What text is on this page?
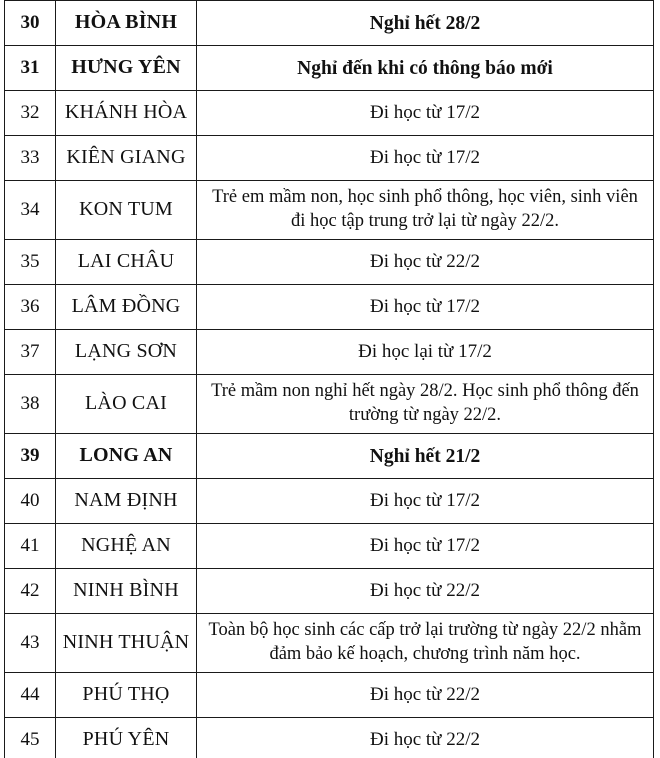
30	HÒA BÌNH	Nghỉ hết 28/2

31	HƯNG YÊN	Nghỉ đến khi có thông báo mới

32	KHÁNH HÒA	Đi học từ 17/2

33	KIÊN GIANG	Đi học từ 17/2

34	KON TUM	Trẻ em mầm non, học sinh phổ thông, học viên, sinh viên
đi học tập trung trở lại từ ngày 22/2.

35	LAI CHÂU	Đi học từ 22/2

36	LÂM ĐỒNG	Đi học từ 17/2

37	LẠNG SƠN	Đi học lại từ 17/2

38	LÀO CAI	Trẻ mầm non nghỉ hết ngày 28/2. Học sinh phổ thông đến
trường từ ngày 22/2.

39	LONG AN	Nghỉ hết 21/2

40	NAM ĐỊNH	Đi học từ 17/2

41	NGHỆ AN	Đi học từ 17/2

42	NINH BÌNH	Đi học từ 22/2

43	NINH THUẬN	Toàn bộ học sinh các cấp trở lại trường từ ngày 22/2 nhằm
đảm bảo kế hoạch, chương trình năm học.

44	PHÚ THỌ	Đi học từ 22/2

45	PHÚ YÊN	Đi học từ 22/2
